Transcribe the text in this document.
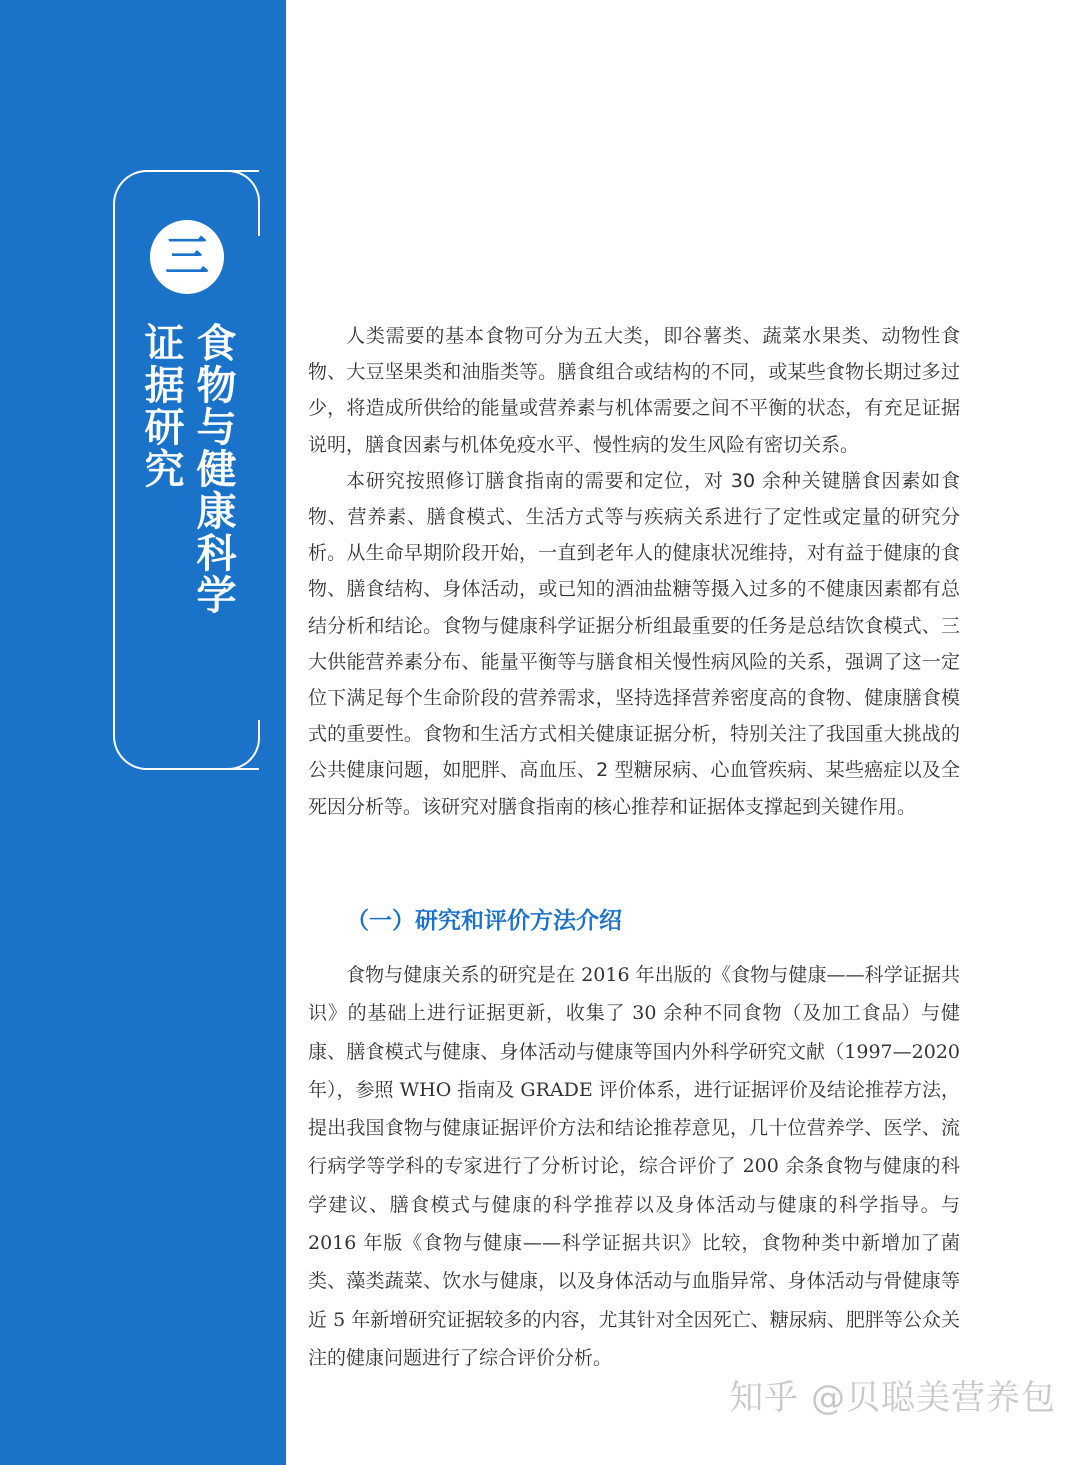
三
食物与健康科学
证据研究	人类需要的基本食物可分为五大类，即谷薯类、蔬菜水果类、动物性食物、大豆坚果类和油脂类等。膳食组合或结构的不同，或某些食物长期过多过少，将造成所供给的能量或营养素与机体需要之间不平衡的状态，有充足证据说明，膳食因素与机体免疫水平、慢性病的发生风险有密切关系。

本研究按照修订膳食指南的需要和定位，对 30 余种关键膳食因素如食物、营养素、膳食模式、生活方式等与疾病关系进行了定性或定量的研究分析。从生命早期阶段开始，一直到老年人的健康状况维持，对有益于健康的食物、膳食结构、身体活动，或已知的酒油盐糖等摄入过多的不健康因素都有总结分析和结论。食物与健康科学证据分析组最重要的任务是总结饮食模式、三大供能营养素分布、能量平衡等与膳食相关慢性病风险的关系，强调了这一定位下满足每个生命阶段的营养需求，坚持选择营养密度高的食物、健康膳食模式的重要性。食物和生活方式相关健康证据分析，特别关注了我国重大挑战的公共健康问题，如肥胖、高血压、2 型糖尿病、心血管疾病、某些癌症以及全死因分析等。该研究对膳食指南的核心推荐和证据体支撑起到关键作用。

（一）研究和评价方法介绍

食物与健康关系的研究是在 2016 年出版的《食物与健康——科学证据共识》的基础上进行证据更新，收集了 30 余种不同食物（及加工食品）与健康、膳食模式与健康、身体活动与健康等国内外科学研究文献（1997—2020 年），参照 WHO 指南及 GRADE 评价体系，进行证据评价及结论推荐方法，提出我国食物与健康证据评价方法和结论推荐意见，几十位营养学、医学、流行病学等学科的专家进行了分析讨论，综合评价了 200 余条食物与健康的科学建议、膳食模式与健康的科学推荐以及身体活动与健康的科学指导。与 2016 年版《食物与健康——科学证据共识》比较，食物种类中新增加了菌类、藻类蔬菜、饮水与健康，以及身体活动与血脂异常、身体活动与骨健康等近 5 年新增研究证据较多的内容，尤其针对全因死亡、糖尿病、肥胖等公众关注的健康问题进行了综合评价分析。

知乎 @贝聪美营养包
